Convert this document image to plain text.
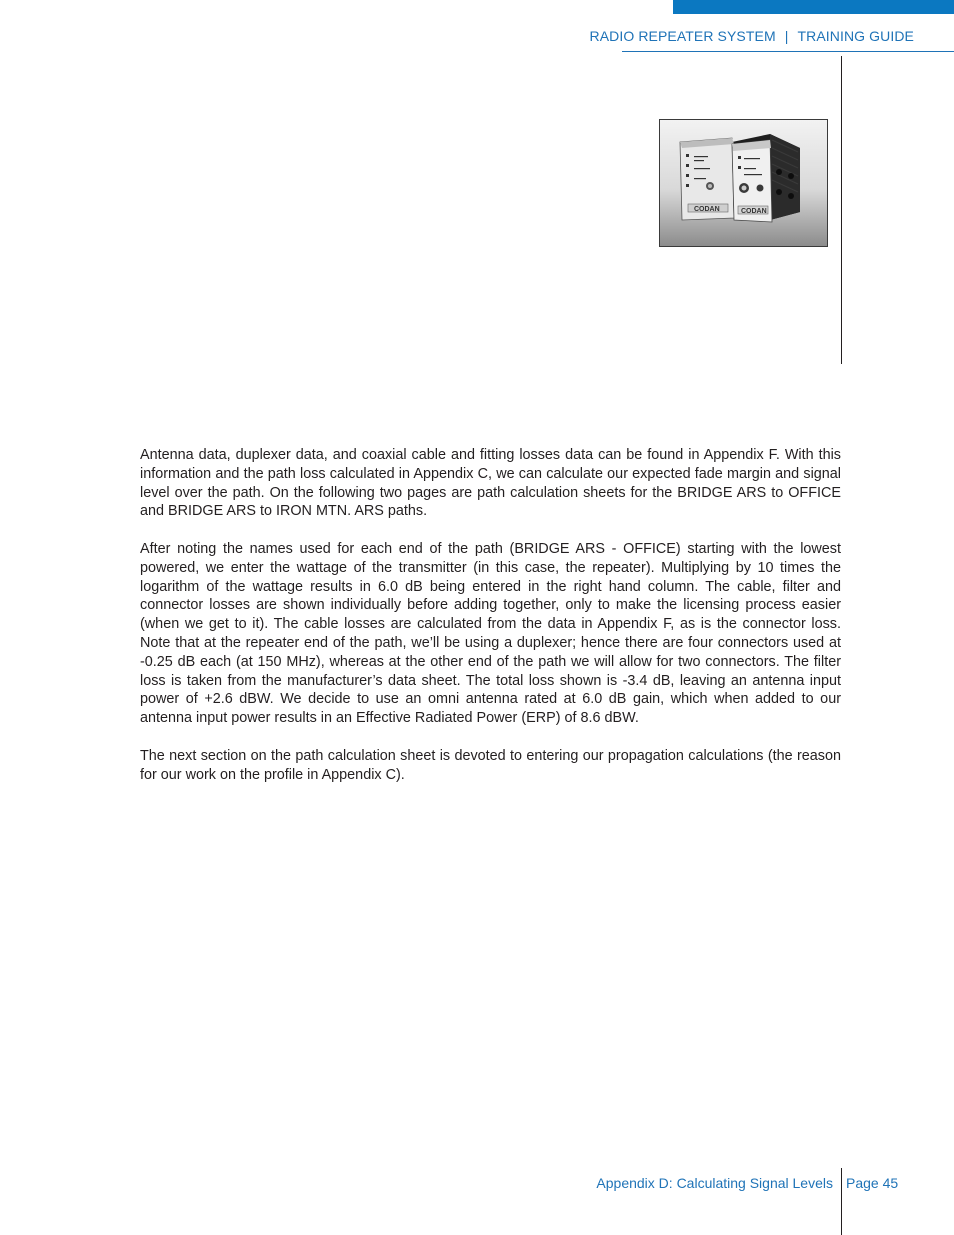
RADIO REPEATER SYSTEM | TRAINING GUIDE
CODAN	CODAN

Antenna data, duplexer data, and coaxial cable and fitting losses data can be found in Appendix F. With this information and the path loss calculated in Appendix C, we can calculate our expected fade margin and signal level over the path. On the following two pages are path calculation sheets for the BRIDGE ARS to OFFICE and BRIDGE ARS to IRON MTN. ARS paths.

After noting the names used for each end of the path (BRIDGE ARS - OFFICE) starting with the lowest powered, we enter the wattage of the transmitter (in this case, the repeater). Multiplying by 10 times the logarithm of the wattage results in 6.0 dB being entered in the right hand column. The cable, filter and connector losses are shown individually before adding together, only to make the licensing process easier (when we get to it). The cable losses are calculated from the data in Appendix F, as is the connector loss. Note that at the repeater end of the path, we’ll be using a duplexer; hence there are four connectors used at -0.25 dB each (at 150 MHz), whereas at the other end of the path we will allow for two connectors. The filter loss is taken from the manufacturer’s data sheet. The total loss shown is -3.4 dB, leaving an antenna input power of +2.6 dBW. We decide to use an omni antenna rated at 6.0 dB gain, which when added to our antenna input power results in an Effective Radiated Power (ERP) of 8.6 dBW.

The next section on the path calculation sheet is devoted to entering our propagation calculations (the reason for our work on the profile in Appendix C).

Appendix D: Calculating Signal Levels Page 45
